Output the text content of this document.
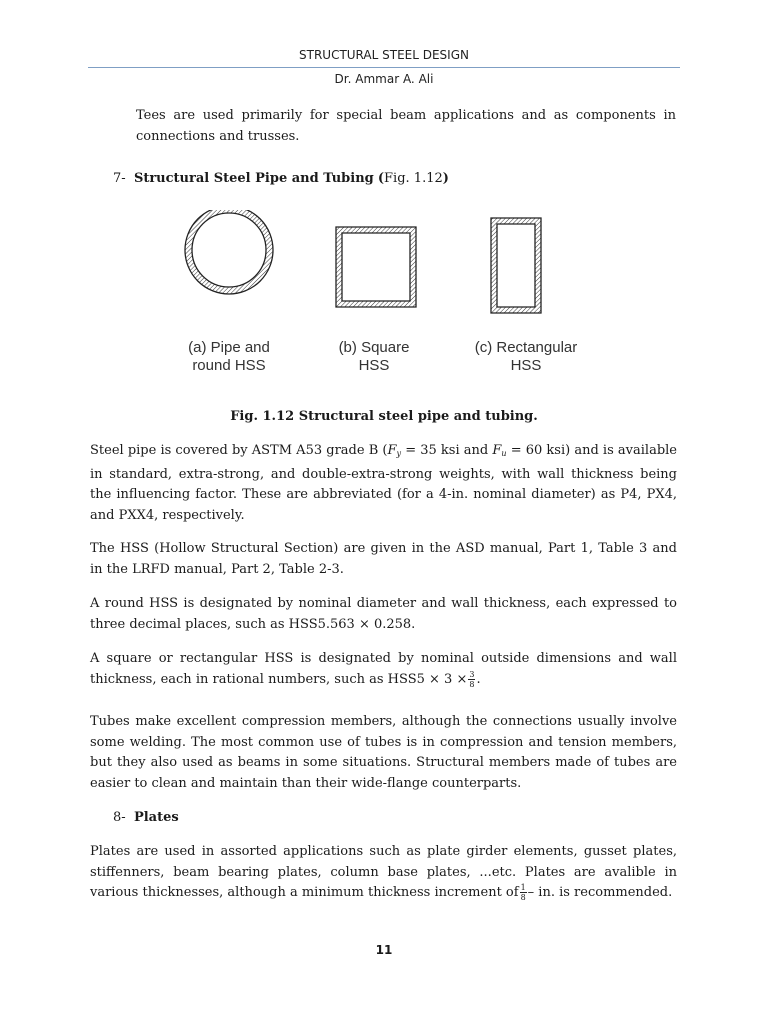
STRUCTURAL STEEL DESIGN
Dr. Ammar A. Ali

Tees are used primarily for special beam applications and as components in connections and trusses.

7- Structural Steel Pipe and Tubing (Fig. 1.12)

(a) Pipe and
round HSS
(b) Square
HSS
(c) Rectangular
HSS

Fig. 1.12 Structural steel pipe and tubing.

Steel pipe is covered by ASTM A53 grade B ($F_y = 35$ ksi and $F_u = 60$ ksi) and is available in standard, extra-strong, and double-extra-strong weights, with wall thickness being the influencing factor. These are abbreviated (for a 4-in. nominal diameter) as P4, PX4, and PXX4, respectively.

The HSS (Hollow Structural Section) are given in the ASD manual, Part 1, Table 3 and in the LRFD manual, Part 2, Table 2-3.

A round HSS is designated by nominal diameter and wall thickness, each expressed to three decimal places, such as HSS5.563 × 0.258.

A square or rectangular HSS is designated by nominal outside dimensions and wall thickness, each in rational numbers, such as $HSS5 \times 3 \times \frac{3}{8}$ .

Tubes make excellent compression members, although the connections usually involve some welding. The most common use of tubes is in compression and tension members, but they also used as beams in some situations. Structural members made of tubes are easier to clean and maintain than their wide-flange counterparts.

8- Plates

Plates are used in assorted applications such as plate girder elements, gusset plates, stiffenners, beam bearing plates, column base plates, ...etc. Plates are avalible in various thicknesses, although a minimum thickness increment of $\frac{1}{8}$ – in. is recommended.

11
